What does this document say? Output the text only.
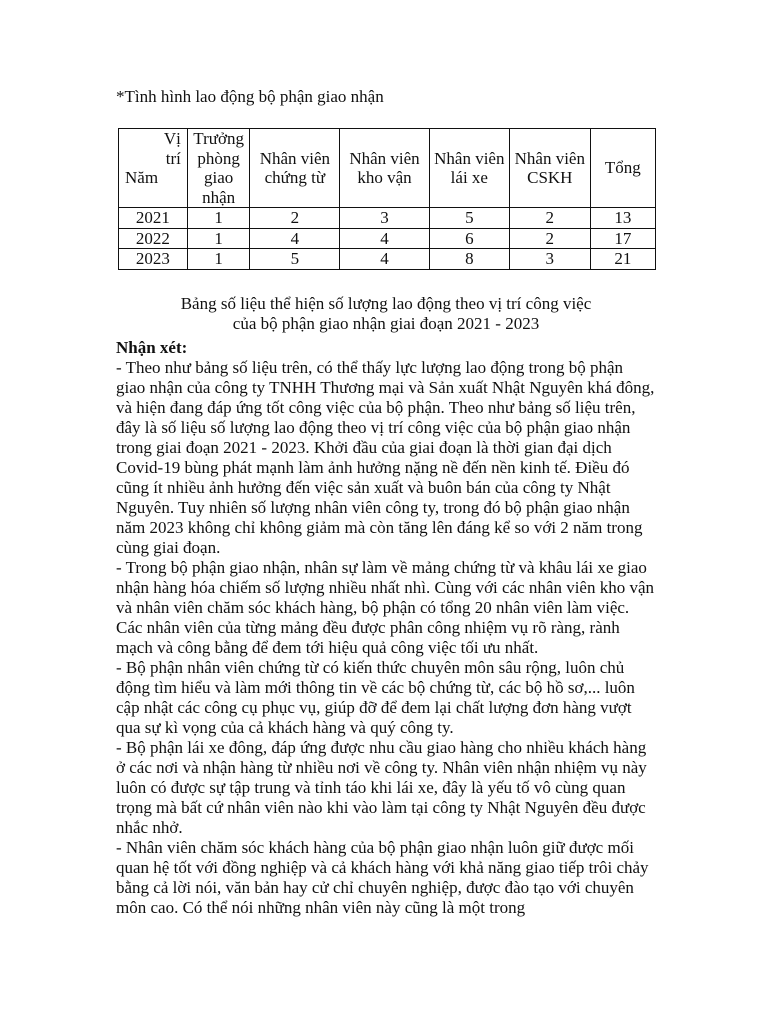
*Tình hình lao động bộ phận giao nhận

Vị
trí
Năm	Trưởng phòng giao nhận	Nhân viên chứng từ	Nhân viên kho vận	Nhân viên lái xe	Nhân viên CSKH	Tổng
2021	1	2	3	5	2	13
2022	1	4	4	6	2	17
2023	1	5	4	8	3	21
Bảng số liệu thể hiện số lượng lao động theo vị trí công việc
của bộ phận giao nhận giai đoạn 2021 - 2023
Nhận xét:

- Theo như bảng số liệu trên, có thể thấy lực lượng lao động trong bộ phận giao nhận của công ty TNHH Thương mại và Sản xuất Nhật Nguyên khá đông, và hiện đang đáp ứng tốt công việc của bộ phận. Theo như bảng số liệu trên, đây là số liệu số lượng lao động theo vị trí công việc của bộ phận giao nhận trong giai đoạn 2021 - 2023. Khởi đầu của giai đoạn là thời gian đại dịch Covid-19 bùng phát mạnh làm ảnh hưởng nặng nề đến nền kinh tế. Điều đó cũng ít nhiều ảnh hưởng đến việc sản xuất và buôn bán của công ty Nhật Nguyên. Tuy nhiên số lượng nhân viên công ty, trong đó bộ phận giao nhận năm 2023 không chỉ không giảm mà còn tăng lên đáng kể so với 2 năm trong cùng giai đoạn.

- Trong bộ phận giao nhận, nhân sự làm về mảng chứng từ và khâu lái xe giao nhận hàng hóa chiếm số lượng nhiều nhất nhì. Cùng với các nhân viên kho vận và nhân viên chăm sóc khách hàng, bộ phận có tổng 20 nhân viên làm việc. Các nhân viên của từng mảng đều được phân công nhiệm vụ rõ ràng, rành mạch và công bằng để đem tới hiệu quả công việc tối ưu nhất.

- Bộ phận nhân viên chứng từ có kiến thức chuyên môn sâu rộng, luôn chủ động tìm hiểu và làm mới thông tin về các bộ chứng từ, các bộ hồ sơ,... luôn cập nhật các công cụ phục vụ, giúp đỡ để đem lại chất lượng đơn hàng vượt qua sự kì vọng của cả khách hàng và quý công ty.

- Bộ phận lái xe đông, đáp ứng được nhu cầu giao hàng cho nhiều khách hàng ở các nơi và nhận hàng từ nhiều nơi về công ty. Nhân viên nhận nhiệm vụ này luôn có được sự tập trung và tỉnh táo khi lái xe, đây là yếu tố vô cùng quan trọng mà bất cứ nhân viên nào khi vào làm tại công ty Nhật Nguyên đều được nhắc nhở.

- Nhân viên chăm sóc khách hàng của bộ phận giao nhận luôn giữ được mối quan hệ tốt với đồng nghiệp và cả khách hàng với khả năng giao tiếp trôi chảy bằng cả lời nói, văn bản hay cử chỉ chuyên nghiệp, được đào tạo với chuyên môn cao. Có thể nói những nhân viên này cũng là một trong
